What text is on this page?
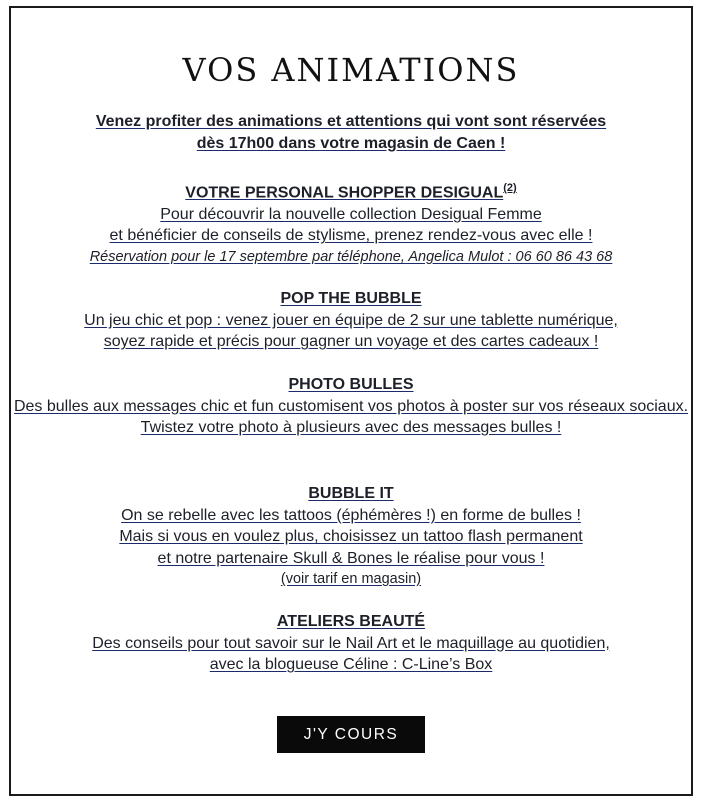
VOS ANIMATIONS
Venez profiter des animations et attentions qui vont sont réservées
dès 17h00 dans votre magasin de Caen !
VOTRE PERSONAL SHOPPER DESIGUAL$^{(2)}$
Pour découvrir la nouvelle collection Desigual Femme
et bénéficier de conseils de stylisme, prenez rendez-vous avec elle !
Réservation pour le 17 septembre par téléphone, Angelica Mulot : 06 60 86 43 68
POP THE BUBBLE
Un jeu chic et pop : venez jouer en équipe de 2 sur une tablette numérique,
soyez rapide et précis pour gagner un voyage et des cartes cadeaux !
PHOTO BULLES
Des bulles aux messages chic et fun customisent vos photos à poster sur vos réseaux sociaux.
Twistez votre photo à plusieurs avec des messages bulles !
BUBBLE IT
On se rebelle avec les tattoos (éphémères !) en forme de bulles !
Mais si vous en voulez plus, choisissez un tattoo flash permanent
et notre partenaire Skull & Bones le réalise pour vous !
(voir tarif en magasin)
ATELIERS BEAUTÉ
Des conseils pour tout savoir sur le Nail Art et le maquillage au quotidien,
avec la blogueuse Céline : C-Line’s Box
J'Y COURS
